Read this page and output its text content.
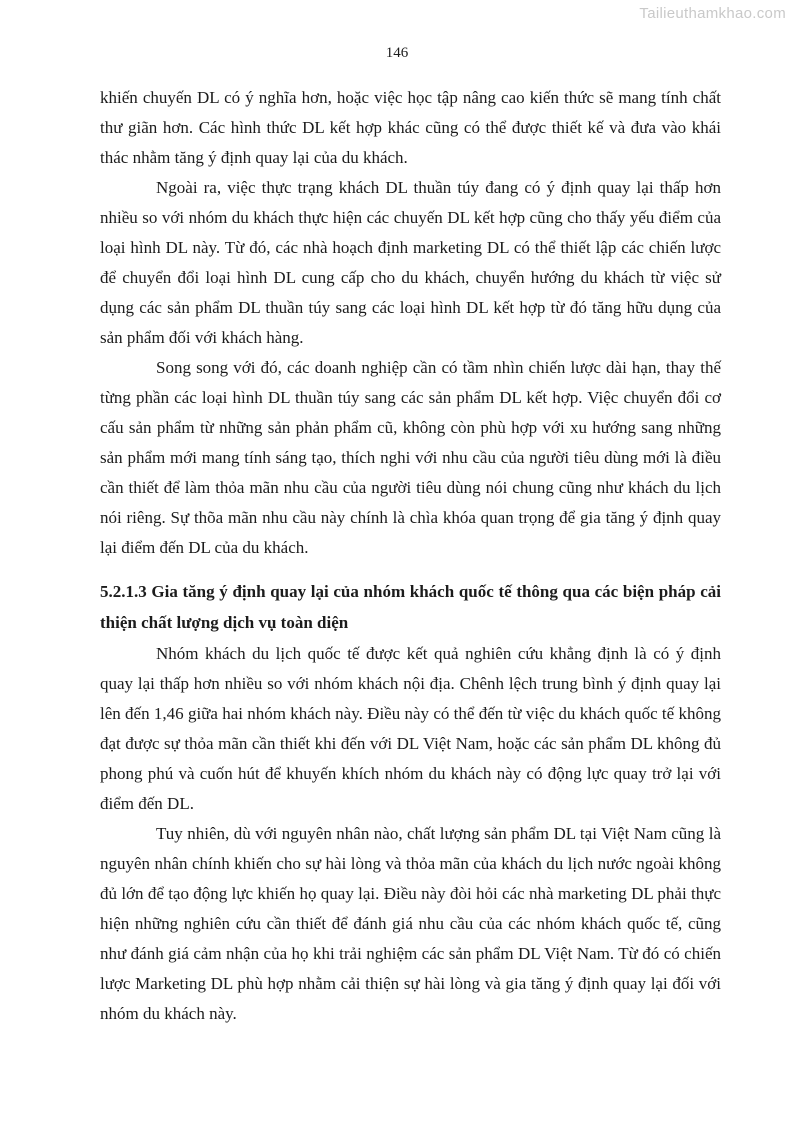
Tailieuthamkhao.com
146

khiến chuyến DL có ý nghĩa hơn, hoặc việc học tập nâng cao kiến thức sẽ mang tính chất thư giãn hơn. Các hình thức DL kết hợp khác cũng có thể được thiết kế và đưa vào khái thác nhằm tăng ý định quay lại của du khách.

Ngoài ra, việc thực trạng khách DL thuần túy đang có ý định quay lại thấp hơn nhiều so với nhóm du khách thực hiện các chuyến DL kết hợp cũng cho thấy yếu điểm của loại hình DL này. Từ đó, các nhà hoạch định marketing DL có thể thiết lập các chiến lược để chuyển đổi loại hình DL cung cấp cho du khách, chuyển hướng du khách từ việc sử dụng các sản phẩm DL thuần túy sang các loại hình DL kết hợp từ đó tăng hữu dụng của sản phẩm đối với khách hàng.

Song song với đó, các doanh nghiệp cần có tầm nhìn chiến lược dài hạn, thay thế từng phần các loại hình DL thuần túy sang các sản phẩm DL kết hợp. Việc chuyển đổi cơ cấu sản phẩm từ những sản phản phẩm cũ, không còn phù hợp với xu hướng sang những sản phẩm mới mang tính sáng tạo, thích nghi với nhu cầu của người tiêu dùng mới là điều cần thiết để làm thỏa mãn nhu cầu của người tiêu dùng nói chung cũng như khách du lịch nói riêng. Sự thõa mãn nhu cầu này chính là chìa khóa quan trọng để gia tăng ý định quay lại điểm đến DL của du khách.

5.2.1.3 Gia tăng ý định quay lại của nhóm khách quốc tế thông qua các biện pháp cải thiện chất lượng dịch vụ toàn diện

Nhóm khách du lịch quốc tế được kết quả nghiên cứu khẳng định là có ý định quay lại thấp hơn nhiều so với nhóm khách nội địa. Chênh lệch trung bình ý định quay lại lên đến 1,46 giữa hai nhóm khách này. Điều này có thể đến từ việc du khách quốc tế không đạt được sự thỏa mãn cần thiết khi đến với DL Việt Nam, hoặc các sản phẩm DL không đủ phong phú và cuốn hút để khuyến khích nhóm du khách này có động lực quay trở lại với điểm đến DL.

Tuy nhiên, dù với nguyên nhân nào, chất lượng sản phẩm DL tại Việt Nam cũng là nguyên nhân chính khiến cho sự hài lòng và thỏa mãn của khách du lịch nước ngoài không đủ lớn để tạo động lực khiến họ quay lại. Điều này đòi hỏi các nhà marketing DL phải thực hiện những nghiên cứu cần thiết để đánh giá nhu cầu của các nhóm khách quốc tế, cũng như đánh giá cảm nhận của họ khi trải nghiệm các sản phẩm DL Việt Nam. Từ đó có chiến lược Marketing DL phù hợp nhằm cải thiện sự hài lòng và gia tăng ý định quay lại đối với nhóm du khách này.
